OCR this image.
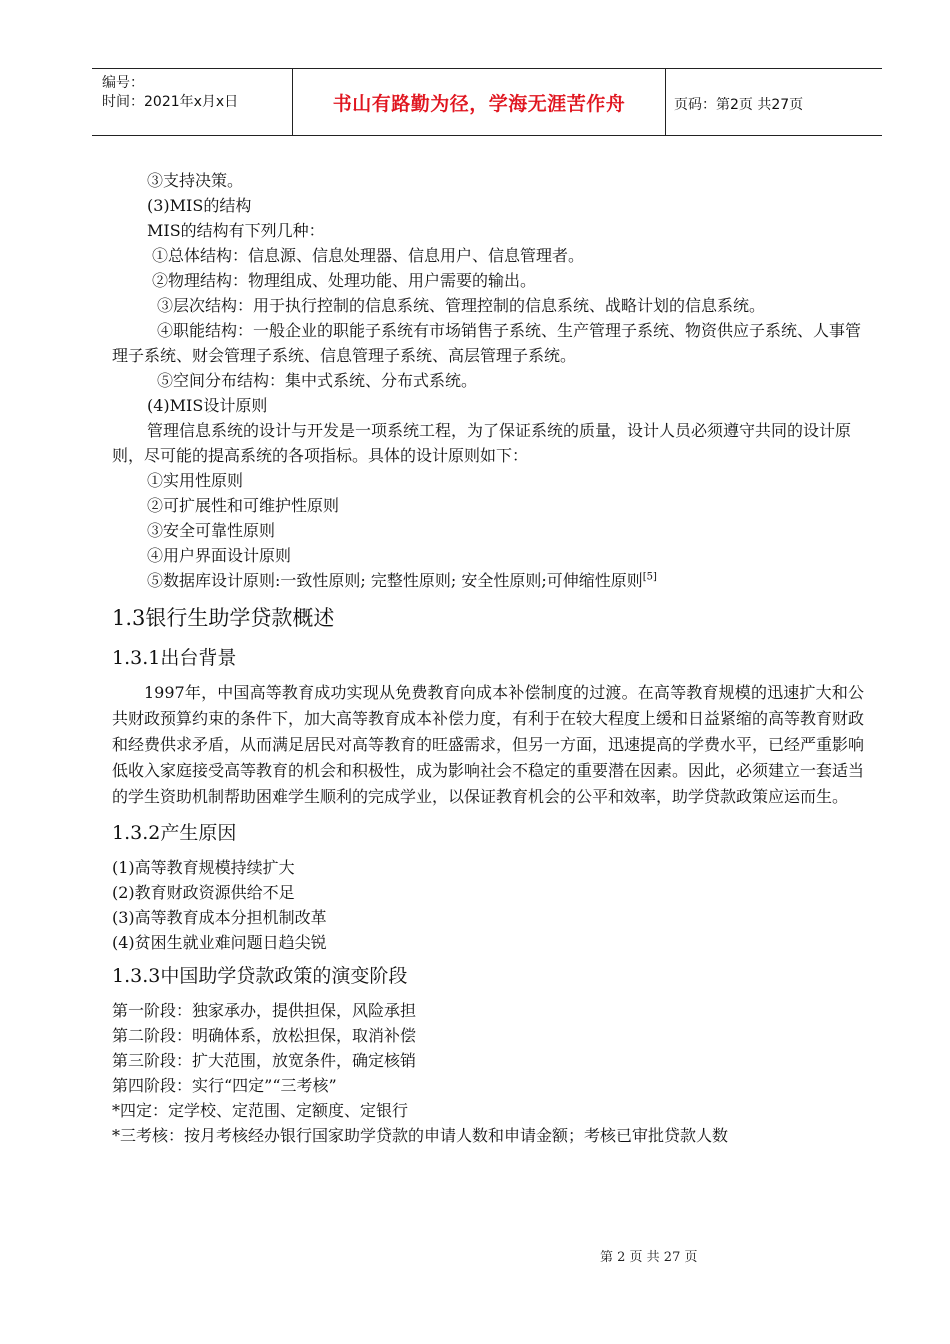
编号：
时间：2021年x月x日	书山有路勤为径，学海无涯苦作舟	页码：第2页 共27页

③支持决策。

(3)MIS的结构

MIS的结构有下列几种：

①总体结构：信息源、信息处理器、信息用户、信息管理者。

②物理结构：物理组成、处理功能、用户需要的输出。

③层次结构：用于执行控制的信息系统、管理控制的信息系统、战略计划的信息系统。

④职能结构：一般企业的职能子系统有市场销售子系统、生产管理子系统、物资供应子系统、人事管理子系统、财会管理子系统、信息管理子系统、高层管理子系统。

⑤空间分布结构：集中式系统、分布式系统。

(4)MIS设计原则

管理信息系统的设计与开发是一项系统工程，为了保证系统的质量，设计人员必须遵守共同的设计原则，尽可能的提高系统的各项指标。具体的设计原则如下：

①实用性原则

②可扩展性和可维护性原则

③安全可靠性原则

④用户界面设计原则

⑤数据库设计原则:一致性原则; 完整性原则; 安全性原则;可伸缩性原则[5]

1.3银行生助学贷款概述
1.3.1出台背景

1997年，中国高等教育成功实现从免费教育向成本补偿制度的过渡。在高等教育规模的迅速扩大和公共财政预算约束的条件下，加大高等教育成本补偿力度，有利于在较大程度上缓和日益紧缩的高等教育财政和经费供求矛盾，从而满足居民对高等教育的旺盛需求，但另一方面，迅速提高的学费水平，已经严重影响低收入家庭接受高等教育的机会和积极性，成为影响社会不稳定的重要潜在因素。因此，必须建立一套适当的学生资助机制帮助困难学生顺利的完成学业，以保证教育机会的公平和效率，助学贷款政策应运而生。

1.3.2产生原因

(1)高等教育规模持续扩大

(2)教育财政资源供给不足

(3)高等教育成本分担机制改革

(4)贫困生就业难问题日趋尖锐

1.3.3中国助学贷款政策的演变阶段

第一阶段：独家承办，提供担保，风险承担

第二阶段：明确体系，放松担保，取消补偿

第三阶段：扩大范围，放宽条件，确定核销

第四阶段：实行“四定”“三考核”

*四定：定学校、定范围、定额度、定银行

*三考核：按月考核经办银行国家助学贷款的申请人数和申请金额；考核已审批贷款人数

第 2 页 共 27 页
